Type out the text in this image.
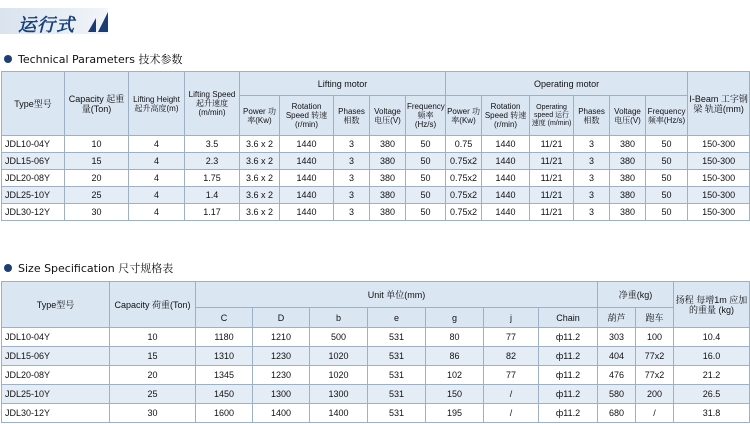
运行式
Technical Parameters 技术参数
Type型号	Capacity 起重量(Ton)	Lifting Height 起升高度(m)	Lifting Speed 起升速度 (m/min)	Lifting motor					Operating motor						I-Beam 工字钢梁 轨道(mm)
				Power 功率(Kw)	Rotation Speed 转速(r/min)	Phases 相数	Voltage 电压(V)	Frequency 频率(Hz/s)	Power 功率(Kw)	Rotation Speed 转速(r/min)	Operating speed 运行速度 (m/min)	Phases 相数	Voltage 电压(V)	Frequency 频率(Hz/s)	
JDL10-04Y	10	4	3.5	3.6 x 2	1440	3	380	50	0.75	1440	11/21	3	380	50	150-300
JDL15-06Y	15	4	2.3	3.6 x 2	1440	3	380	50	0.75x2	1440	11/21	3	380	50	150-300
JDL20-08Y	20	4	1.75	3.6 x 2	1440	3	380	50	0.75x2	1440	11/21	3	380	50	150-300
JDL25-10Y	25	4	1.4	3.6 x 2	1440	3	380	50	0.75x2	1440	11/21	3	380	50	150-300
JDL30-12Y	30	4	1.17	3.6 x 2	1440	3	380	50	0.75x2	1440	11/21	3	380	50	150-300
Size Specification 尺寸规格表
Type型号	Capacity 荷重(Ton)	Unit 单位(mm)							净重(kg)		扬程 每增1m 应加的重量 (kg)
		C	D	b	e	g	j	Chain	葫芦	跑车	
JDL10-04Y	10	1180	1210	500	531	80	77	ф11.2	303	100	10.4
JDL15-06Y	15	1310	1230	1020	531	86	82	ф11.2	404	77x2	16.0
JDL20-08Y	20	1345	1230	1020	531	102	77	ф11.2	476	77x2	21.2
JDL25-10Y	25	1450	1300	1300	531	150	/	ф11.2	580	200	26.5
JDL30-12Y	30	1600	1400	1400	531	195	/	ф11.2	680	/	31.8
